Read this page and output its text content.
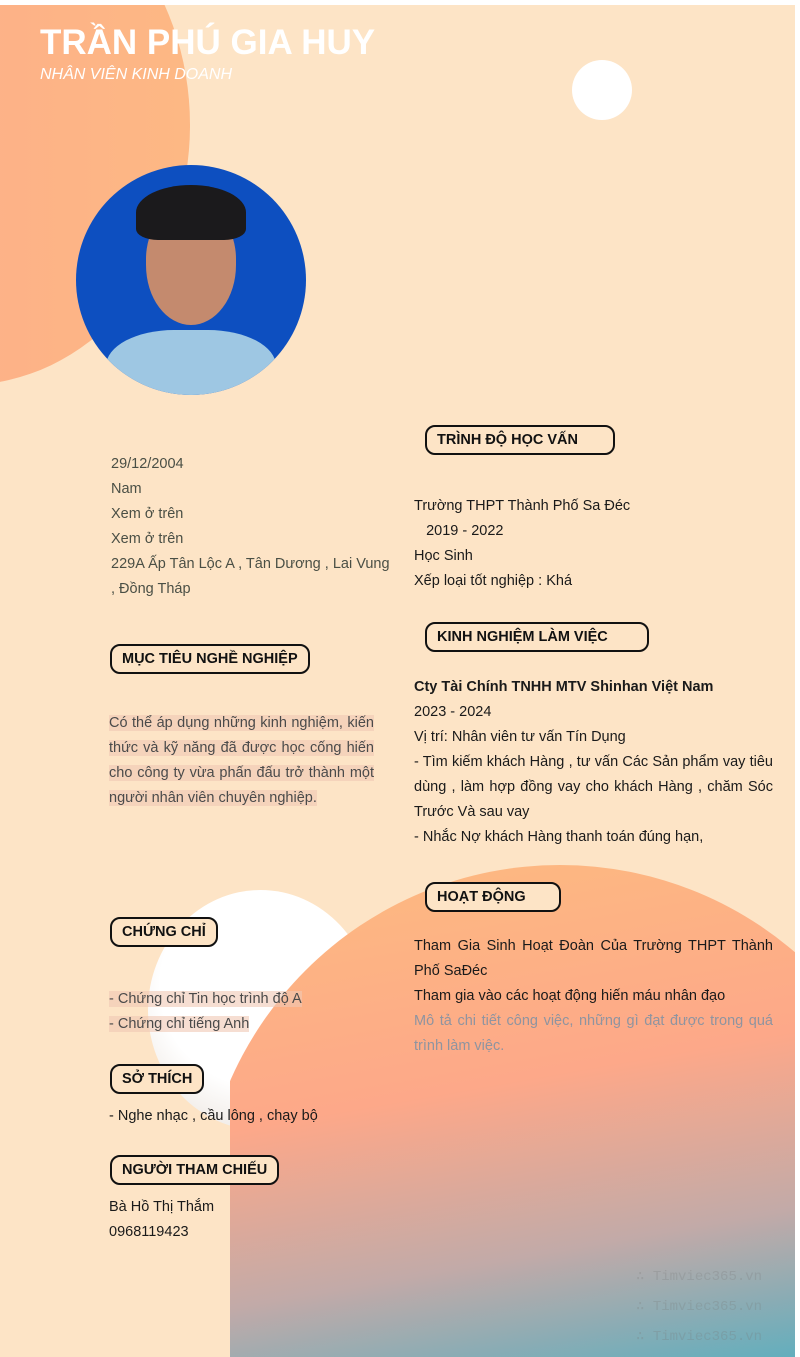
TRẦN PHÚ GIA HUY
NHÂN VIÊN KINH DOANH
29/12/2004
Nam
Xem ở trên
Xem ở trên
229A Ấp Tân Lộc A , Tân Dương , Lai Vung , Đồng Tháp
MỤC TIÊU NGHỀ NGHIỆP
Có thể áp dụng những kinh nghiệm, kiến thức và kỹ năng đã được học cống hiến cho công ty vừa phấn đấu trở thành một người nhân viên chuyên nghiệp.
CHỨNG CHỈ
- Chứng chỉ Tin học trình độ A
- Chứng chỉ tiếng Anh
SỞ THÍCH
- Nghe nhạc , cầu lông , chạy bộ
NGƯỜI THAM CHIẾU
Bà Hồ Thị Thắm
0968119423
TRÌNH ĐỘ HỌC VẤN
Trường THPT Thành Phố Sa Đéc
2019 - 2022
Học Sinh
Xếp loại tốt nghiệp : Khá
KINH NGHIỆM LÀM VIỆC
Cty Tài Chính TNHH MTV Shinhan Việt Nam
2023 - 2024
Vị trí: Nhân viên tư vấn Tín Dụng
- Tìm kiếm khách Hàng , tư vấn Các Sản phẩm vay tiêu dùng , làm hợp đồng vay cho khách Hàng , chăm Sóc Trước Và sau vay
- Nhắc Nợ khách Hàng thanh toán đúng hạn,
HOẠT ĐỘNG
Tham Gia Sinh Hoạt Đoàn Của Trường THPT Thành Phố SaĐéc
Tham gia vào các hoạt động hiến máu nhân đạo
Mô tả chi tiết công việc, những gì đạt được trong quá trình làm việc.
∴ Timviec365.vn
∴ Timviec365.vn
∴ Timviec365.vn
